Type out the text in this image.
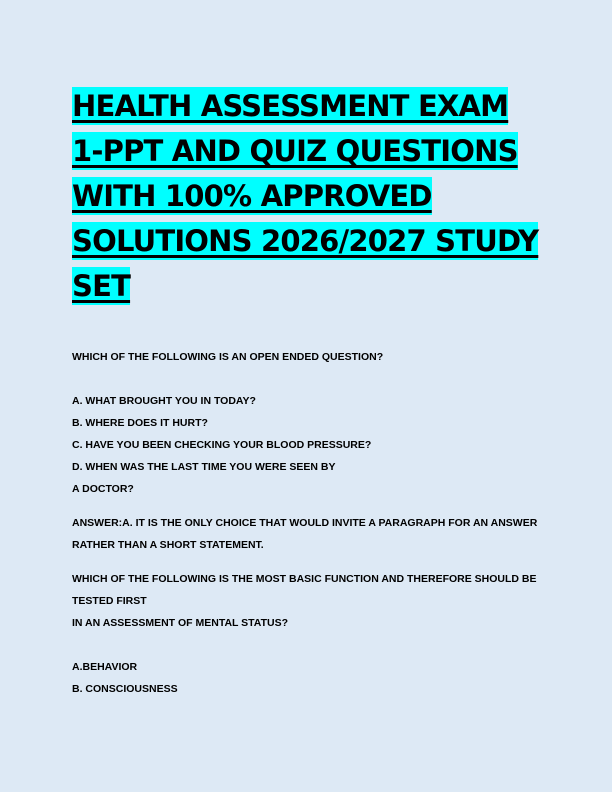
HEALTH ASSESSMENT EXAM 1-PPT AND QUIZ QUESTIONS WITH 100% APPROVED SOLUTIONS 2026/2027 STUDY SET
WHICH OF THE FOLLOWING IS AN OPEN ENDED QUESTION?
A. WHAT BROUGHT YOU IN TODAY?
B. WHERE DOES IT HURT?
C. HAVE YOU BEEN CHECKING YOUR BLOOD PRESSURE?
D. WHEN WAS THE LAST TIME YOU WERE SEEN BY
A DOCTOR?
ANSWER:A. IT IS THE ONLY CHOICE THAT WOULD INVITE A PARAGRAPH FOR AN ANSWER
RATHER THAN A SHORT STATEMENT.
WHICH OF THE FOLLOWING IS THE MOST BASIC FUNCTION AND THEREFORE SHOULD BE
TESTED FIRST
IN AN ASSESSMENT OF MENTAL STATUS?
A.BEHAVIOR
B. CONSCIOUSNESS
